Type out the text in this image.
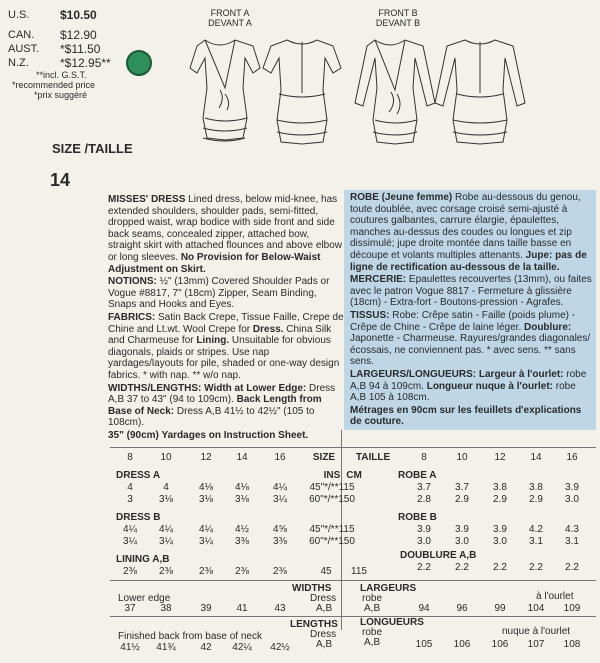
U.S.	$10.50
CAN.	$12.90
AUST.	*$11.50
N.Z.	*$12.95**
**incl. G.S.T.
*recommended price
*prix suggéré
FRONT A
DEVANT A
FRONT B
DEVANT B
SIZE /TAILLE
14

MISSES' DRESS Lined dress, below mid-knee, has extended shoulders, shoulder pads, semi-fitted, dropped waist, wrap bodice with side front and side back seams, concealed zipper, attached bow, straight skirt with attached flounces and above elbow or long sleeves. No Provision for Below-Waist Adjustment on Skirt.

NOTIONS: ½" (13mm) Covered Shoulder Pads or Vogue #8817, 7" (18cm) Zipper, Seam Binding, Snaps and Hooks and Eyes.

FABRICS: Satin Back Crepe, Tissue Faille, Crepe de Chine and Lt.wt. Wool Crepe for Dress. China Silk and Charmeuse for Lining. Unsuitable for obvious diagonals, plaids or stripes. Use nap yardages/layouts for pile, shaded or one-way design fabrics. * with nap. ** w/o nap.

WIDTHS/LENGTHS: Width at Lower Edge: Dress A,B 37 to 43" (94 to 109cm). Back Length from Base of Neck: Dress A,B 41½ to 42½" (105 to 108cm).

35" (90cm) Yardages on Instruction Sheet.

ROBE (Jeune femme) Robe au-dessous du genou, toute doublée, avec corsage croisé semi-ajusté à coutures galbantes, carrure élargie, épaulettes, manches au-dessus des coudes ou longues et zip dissimulé; jupe droite montée dans taille basse en découpe et volants multiples attenants. Jupe: pas de ligne de rectification au-dessous de la taille.

MERCERIE: Epaulettes recouvertes (13mm), ou faites avec le patron Vogue 8817 - Fermeture à glissière (18cm) - Extra-fort - Boutons-pression - Agrafes.

TISSUS: Robe: Crêpe satin - Faille (poids plume) - Crêpe de Chine - Crêpe de laine léger. Doublure: Japonette - Charmeuse. Rayures/grandes diagonales/écossais, ne conviennent pas. * avec sens. ** sans sens.

LARGEURS/LONGUEURS: Largeur à l'ourlet: robe A,B 94 à 109cm. Longueur nuque à l'ourlet: robe A,B 105 à 108cm.

Métrages en 90cm sur les feuillets d'explications de couture.

8	10	12	14	16	SIZE	TAILLE	8	10	12	14	16
DRESS A	INS CM	ROBE A
4	4	4⅛	4⅛	4¼	45"*/**115	3.7	3.7	3.8	3.8	3.9
3	3⅛	3⅛	3⅛	3¼	60"*/**150	2.8	2.9	2.9	2.9	3.0
DRESS B	ROBE B
4¼	4¼	4¼	4½	4⅝	45"*/**115	3.9	3.9	3.9	4.2	4.3
3¼	3¼	3¼	3⅜	3⅜	60"*/**150	3.0	3.0	3.0	3.1	3.1
LINING A,B	DOUBLURE A,B
2⅜	2⅜	2⅜	2⅜	2⅜	45	115	2.2	2.2	2.2	2.2	2.2
WIDTHS
Dress
A,B
Lower edge
LARGEURS
robe
A,B
à l'ourlet
37	38	39	41	43	94	96	99	104	109
LENGTHS
Dress
A,B
Finished back from base of neck
LONGUEURS
robe
A,B
nuque à l'ourlet
41½	41¾	42	42¼	42½	105	106	106	107	108
